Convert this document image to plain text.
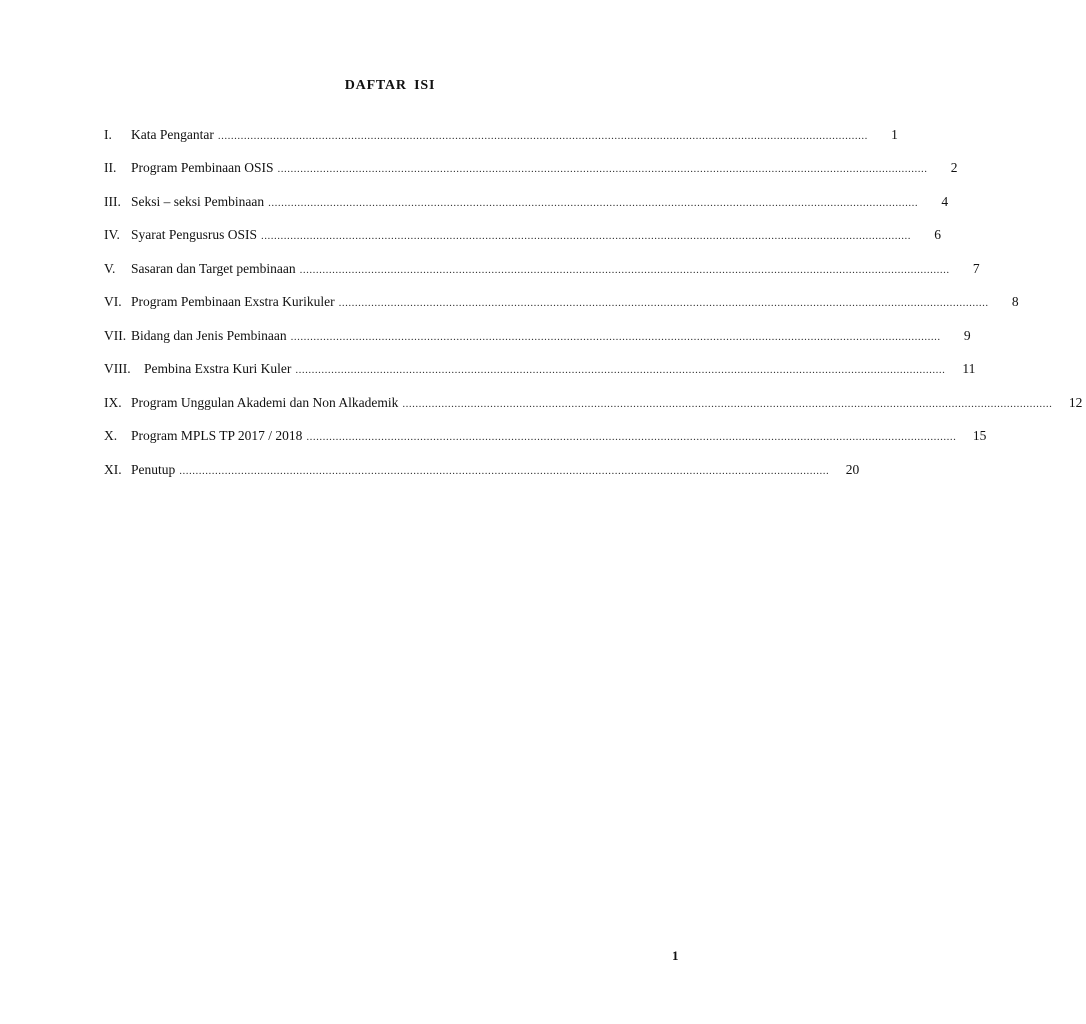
DAFTAR ISI
I.	Kata Pengantar ........................................................................................................................................................................................................	1
II.	Program Pembinaan OSIS ........................................................................................................................................................................................................	2
III. Seksi – seksi Pembinaan ........................................................................................................................................................................................................	4
IV. Syarat Pengusrus OSIS ........................................................................................................................................................................................................	6
V.	Sasaran dan Target pembinaan ........................................................................................................................................................................................................	7
VI. Program Pembinaan Exstra Kurikuler ........................................................................................................................................................................................................	8
VII. Bidang dan Jenis Pembinaan ........................................................................................................................................................................................................	9
VIII. Pembina Exstra Kuri Kuler ........................................................................................................................................................................................................	11
IX. Program Unggulan Akademi dan Non Alkademik ........................................................................................................................................................................................................	12
X.	Program MPLS TP 2017 / 2018 ........................................................................................................................................................................................................	15
XI. Penutup ........................................................................................................................................................................................................	20
1
